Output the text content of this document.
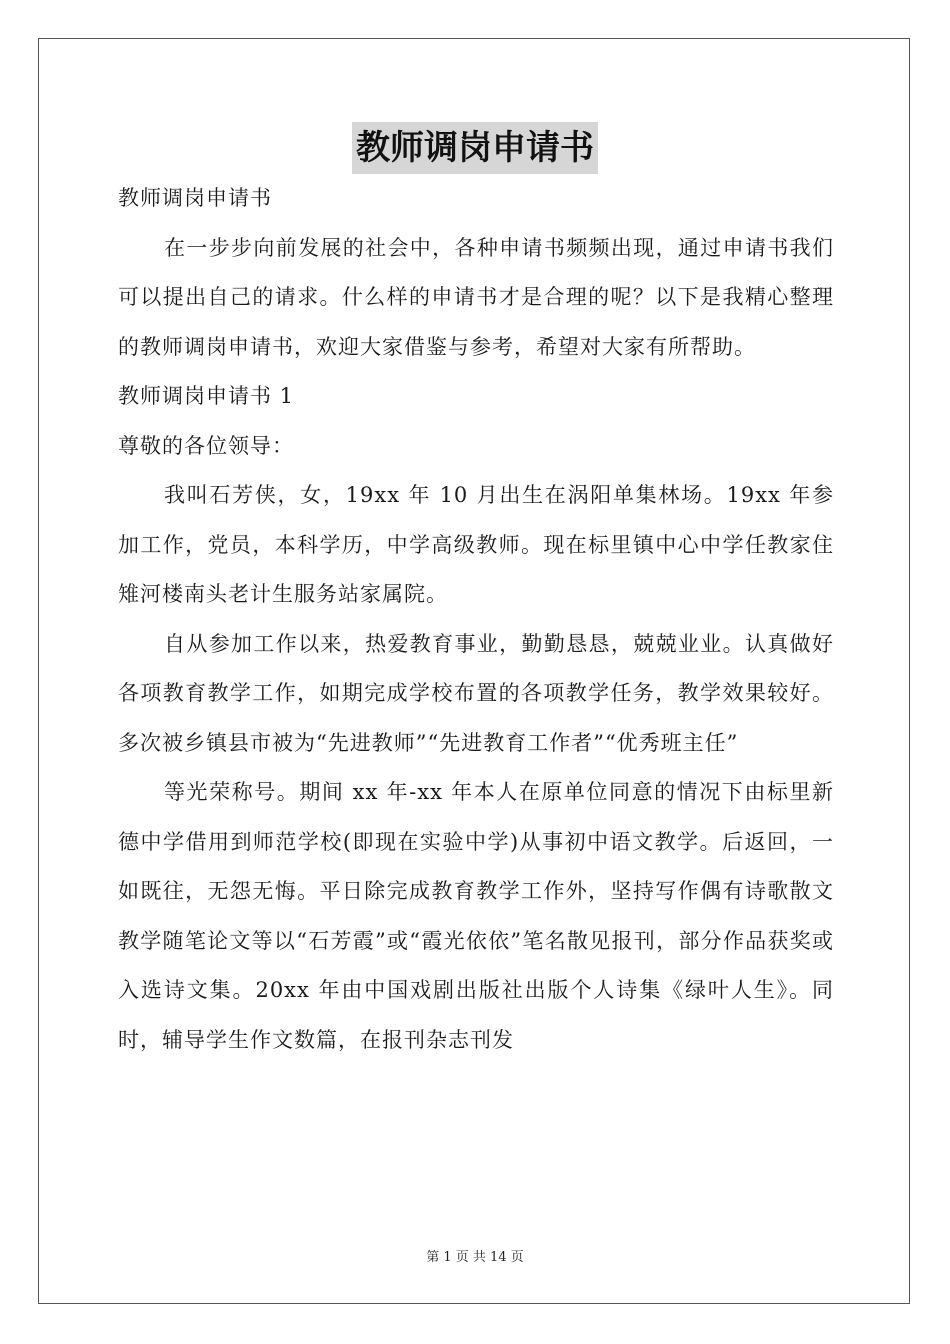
教师调岗申请书

教师调岗申请书

在一步步向前发展的社会中，各种申请书频频出现，通过申请书我们可以提出自己的请求。什么样的申请书才是合理的呢？以下是我精心整理的教师调岗申请书，欢迎大家借鉴与参考，希望对大家有所帮助。

教师调岗申请书 1

尊敬的各位领导：

我叫石芳侠，女，19xx 年 10 月出生在涡阳单集林场。19xx 年参加工作，党员，本科学历，中学高级教师。现在标里镇中心中学任教家住雉河楼南头老计生服务站家属院。

自从参加工作以来，热爱教育事业，勤勤恳恳，兢兢业业。认真做好各项教育教学工作，如期完成学校布置的各项教学任务，教学效果较好。多次被乡镇县市被为“先进教师”“先进教育工作者”“优秀班主任”

等光荣称号。期间 xx 年-xx 年本人在原单位同意的情况下由标里新德中学借用到师范学校(即现在实验中学)从事初中语文教学。后返回，一如既往，无怨无悔。平日除完成教育教学工作外，坚持写作偶有诗歌散文教学随笔论文等以“石芳霞”或“霞光依依”笔名散见报刊，部分作品获奖或入选诗文集。20xx 年由中国戏剧出版社出版个人诗集《绿叶人生》。同时，辅导学生作文数篇，在报刊杂志刊发

第 1 页 共 14 页
